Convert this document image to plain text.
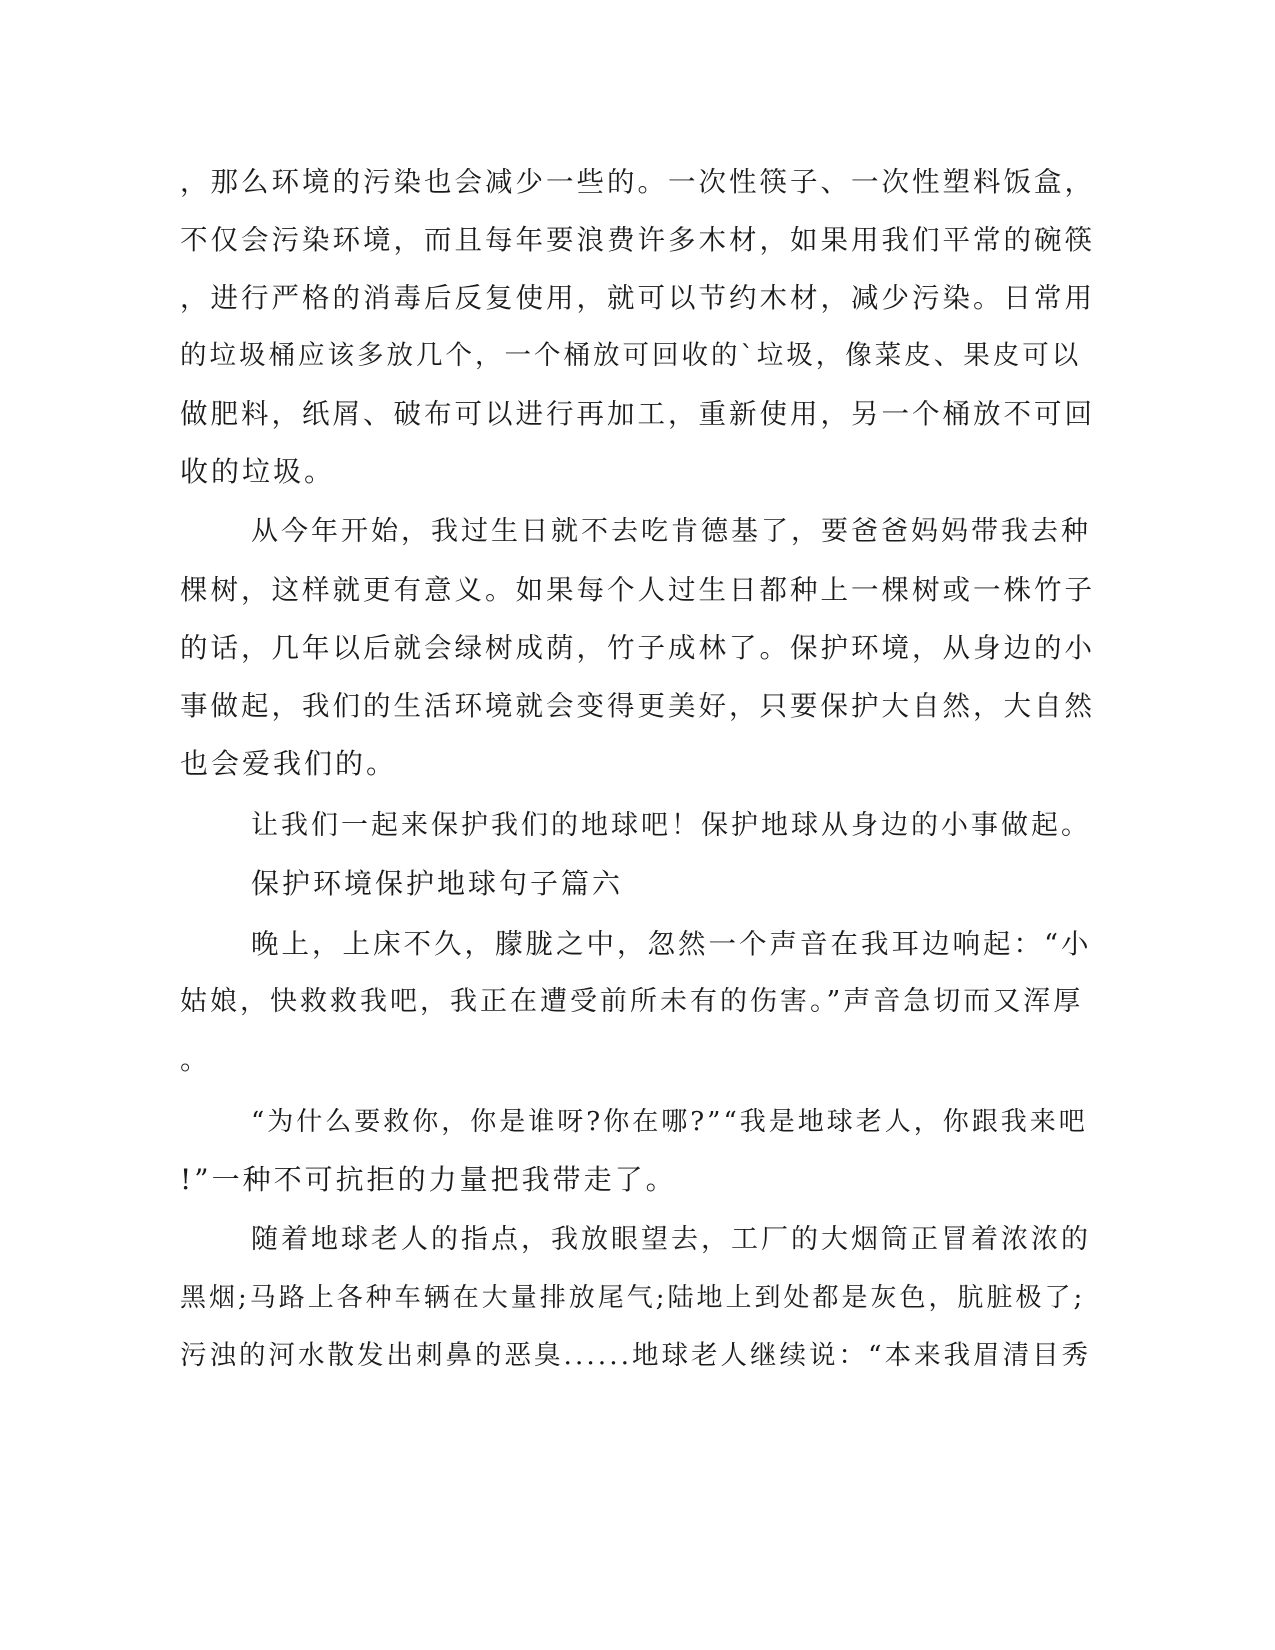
，那么环境的污染也会减少一些的。一次性筷子、一次性塑料饭盒，
不仅会污染环境，而且每年要浪费许多木材，如果用我们平常的碗筷
，进行严格的消毒后反复使用，就可以节约木材，减少污染。日常用
的垃圾桶应该多放几个，一个桶放可回收的`垃圾，像菜皮、果皮可以
做肥料，纸屑、破布可以进行再加工，重新使用，另一个桶放不可回
收的垃圾。
从今年开始，我过生日就不去吃肯德基了，要爸爸妈妈带我去种
棵树，这样就更有意义。如果每个人过生日都种上一棵树或一株竹子
的话，几年以后就会绿树成荫，竹子成林了。保护环境，从身边的小
事做起，我们的生活环境就会变得更美好，只要保护大自然，大自然
也会爱我们的。
让我们一起来保护我们的地球吧！保护地球从身边的小事做起。
保护环境保护地球句子篇六
晚上，上床不久，朦胧之中，忽然一个声音在我耳边响起：“小
姑娘，快救救我吧，我正在遭受前所未有的伤害。”声音急切而又浑厚
。
“为什么要救你，你是谁呀?你在哪?”“我是地球老人，你跟我来吧
!”一种不可抗拒的力量把我带走了。
随着地球老人的指点，我放眼望去，工厂的大烟筒正冒着浓浓的
黑烟;马路上各种车辆在大量排放尾气;陆地上到处都是灰色，肮脏极了;
污浊的河水散发出刺鼻的恶臭......地球老人继续说：“本来我眉清目秀
